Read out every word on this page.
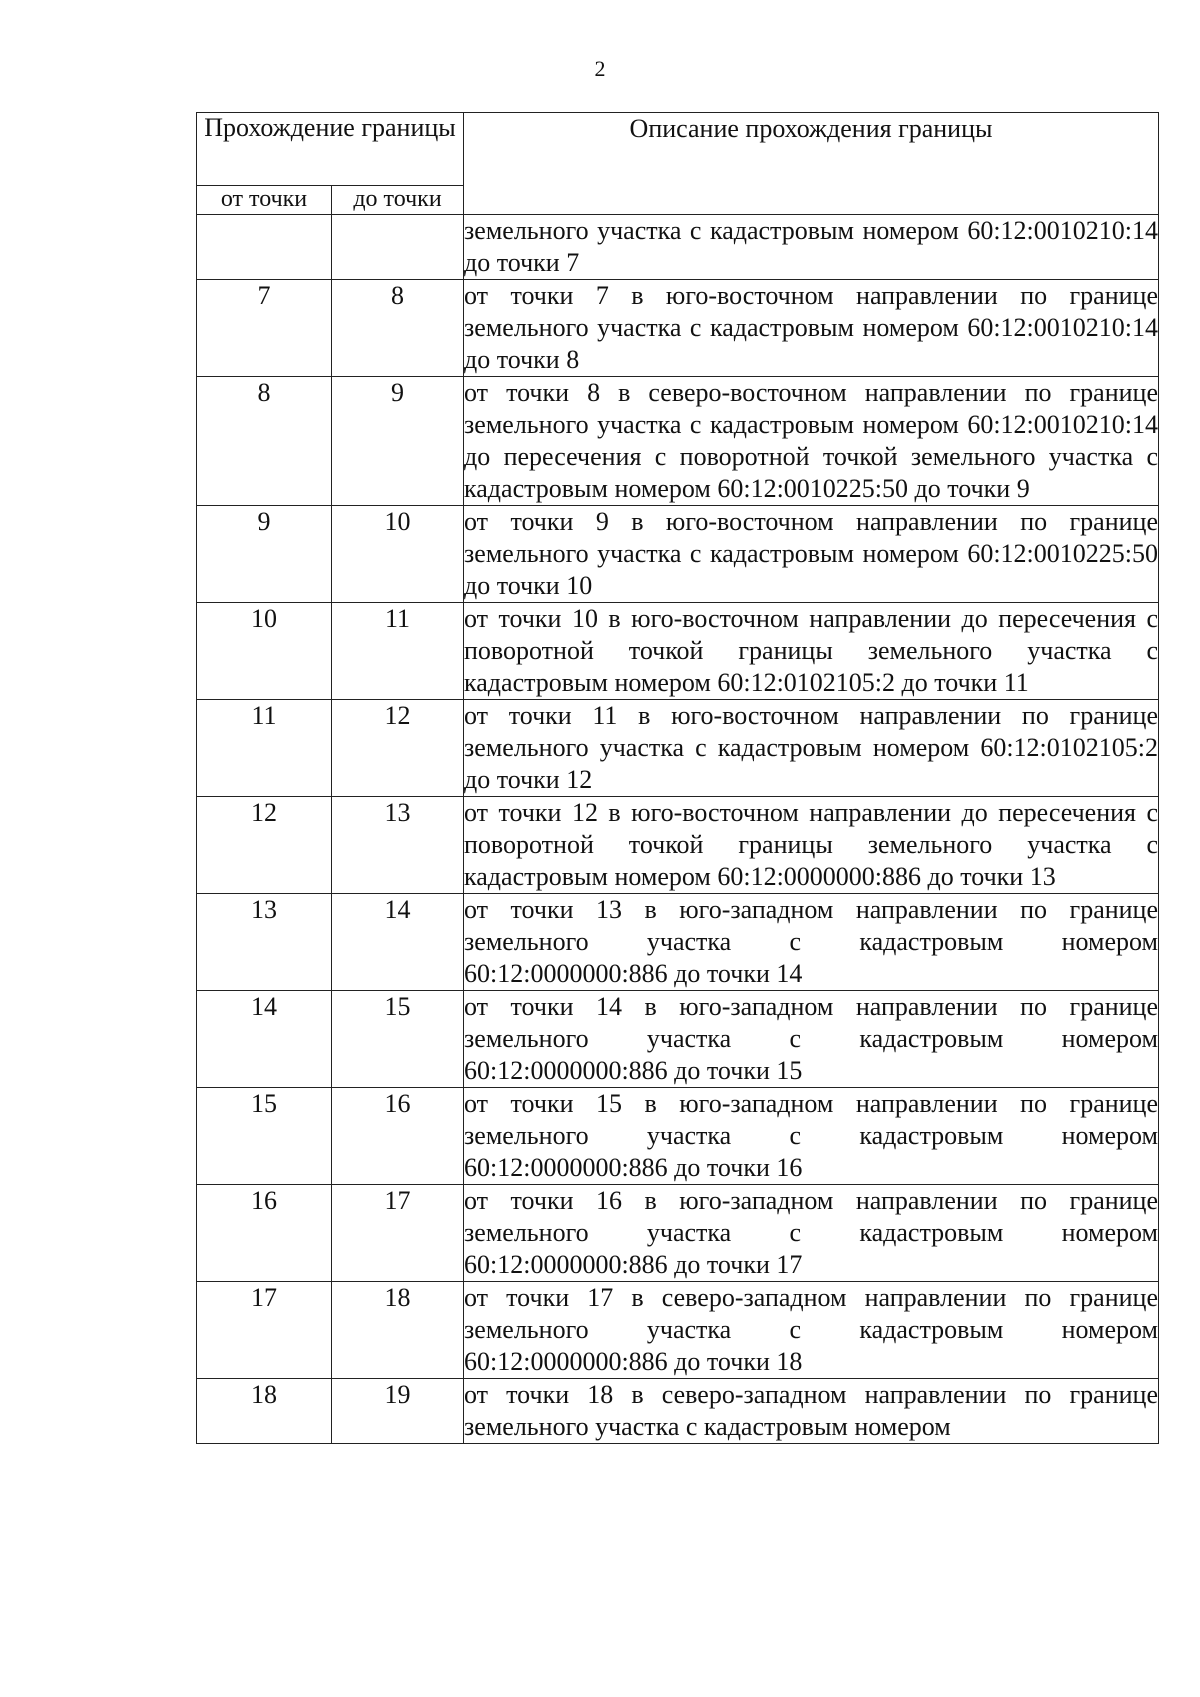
2
Прохождение границы		Описание прохождения границы
от точки	до точки	
		земельного участка с кадастровым номером 60:12:0010210:14 до точки 7
7	8	от точки 7 в юго-восточном направлении по границе земельного участка с кадастровым номером 60:12:0010210:14 до точки 8
8	9	от точки 8 в северо-восточном направлении по границе земельного участка с кадастровым номером 60:12:0010210:14 до пересечения с поворотной точкой земельного участка с кадастровым номером 60:12:0010225:50 до точки 9
9	10	от точки 9 в юго-восточном направлении по границе земельного участка с кадастровым номером 60:12:0010225:50 до точки 10
10	11	от точки 10 в юго-восточном направлении до пересечения с поворотной точкой границы земельного участка с кадастровым номером 60:12:0102105:2 до точки 11
11	12	от точки 11 в юго-восточном направлении по границе земельного участка с кадастровым номером 60:12:0102105:2 до точки 12
12	13	от точки 12 в юго-восточном направлении до пересечения с поворотной точкой границы земельного участка с кадастровым номером 60:12:0000000:886 до точки 13
13	14	от точки 13 в юго-западном направлении по границе земельного участка с кадастровым номером 60:12:0000000:886 до точки 14
14	15	от точки 14 в юго-западном направлении по границе земельного участка с кадастровым номером 60:12:0000000:886 до точки 15
15	16	от точки 15 в юго-западном направлении по границе земельного участка с кадастровым номером 60:12:0000000:886 до точки 16
16	17	от точки 16 в юго-западном направлении по границе земельного участка с кадастровым номером 60:12:0000000:886 до точки 17
17	18	от точки 17 в северо-западном направлении по границе земельного участка с кадастровым номером 60:12:0000000:886 до точки 18
18	19	от точки 18 в северо-западном направлении по границе земельного участка с кадастровым номером
